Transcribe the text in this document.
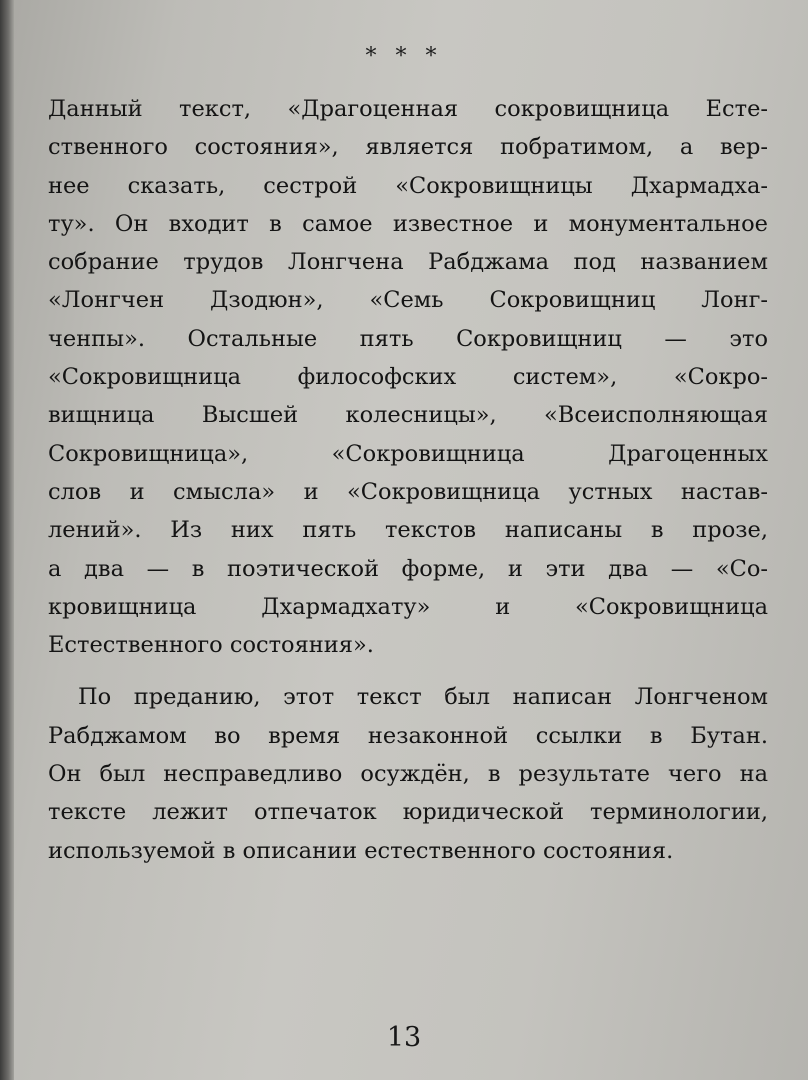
* * *
Данный текст, «Драгоценная сокровищница Есте-
ственного состояния», является побратимом, а вер-
нее сказать, сестрой «Сокровищницы Дхармадха-
ту». Он входит в самое известное и монументальное
собрание трудов Лонгчена Рабджама под названием
«Лонгчен Дзодюн», «Семь Сокровищниц Лонг-
ченпы». Остальные пять Сокровищниц — это
«Сокровищница философских систем», «Сокро-
вищница Высшей колесницы», «Всеисполняющая
Сокровищница», «Сокровищница Драгоценных
слов и смысла» и «Сокровищница устных настав-
лений». Из них пять текстов написаны в прозе,
а два — в поэтической форме, и эти два — «Со-
кровищница Дхармадхату» и «Сокровищница
Естественного состояния».
По преданию, этот текст был написан Лонгченом
Рабджамом во время незаконной ссылки в Бутан.
Он был несправедливо осуждён, в результате чего на
тексте лежит отпечаток юридической терминологии,
используемой в описании естественного состояния.
13
